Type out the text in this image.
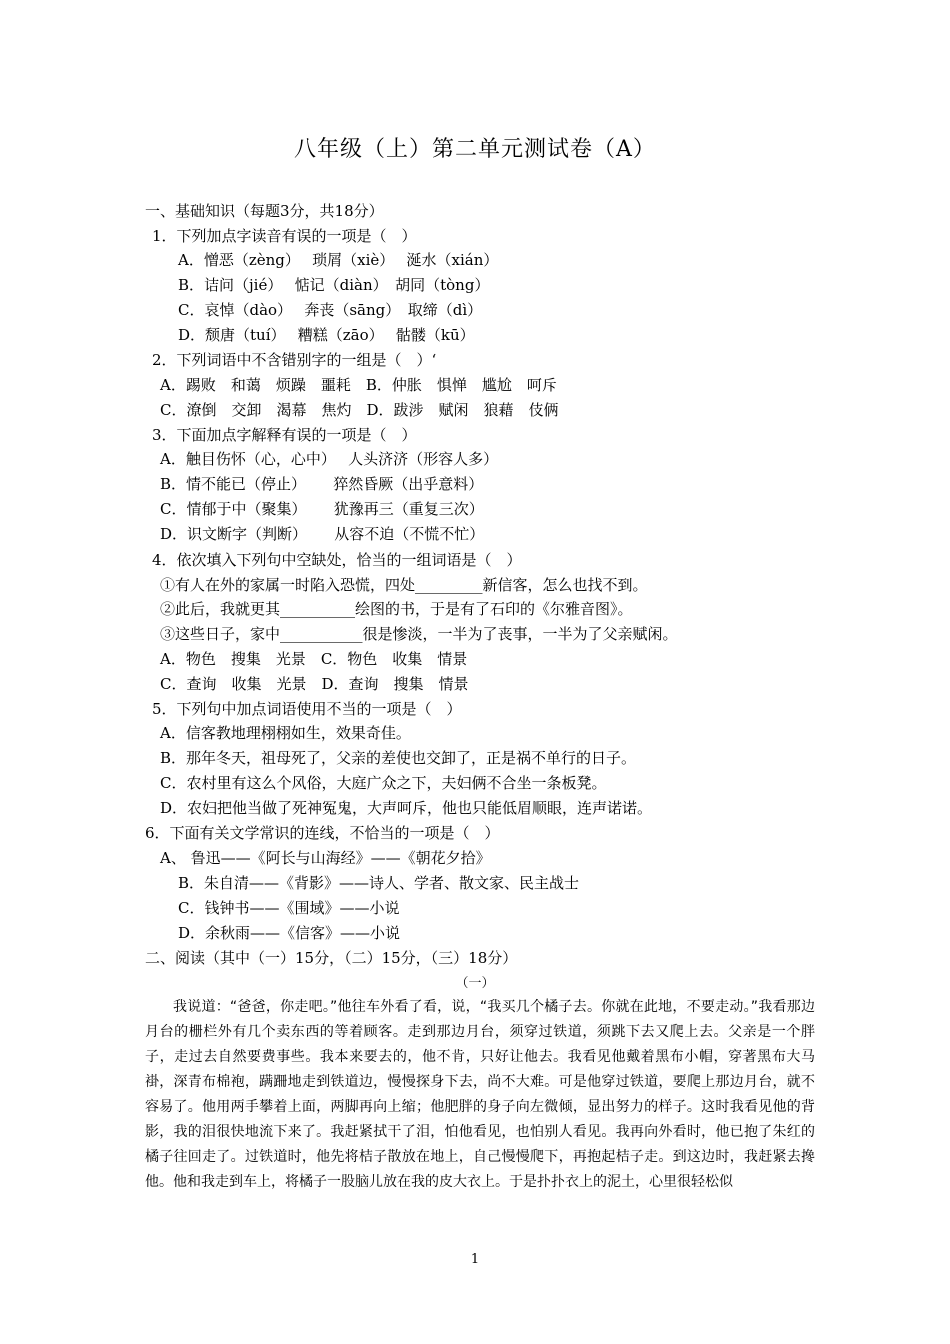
八年级（上）第二单元测试卷（A）
一、基础知识（每题3分，共18分）
1．下列加点字读音有误的一项是（　）
A．憎恶（zèng）　 琐屑（xiè）　 涎水（xián）
B．诘问（jié）　 惦记（diàn）　胡同（tòng）
C．哀悼（dào）　 奔丧（sāng）　取缔（dì）
D．颓唐（tuí）　 糟糕（zāo）　 骷髅（kū）
2．下列词语中不含错别字的一组是（　）‘
A．踢败　和蔼　烦躁　噩耗　B．仲胀　惧惮　尴尬　呵斥
C．潦倒　交卸　渴幕　焦灼　D．跋涉　赋闲　狼藉　伎俩
3．下面加点字解释有误的一项是（　）
A．触目伤怀（心，心中）　 人头济济（形容人多）
B．情不能已（停止）　　 猝然昏厥（出乎意料）
C．情郁于中（聚集）　　 犹豫再三（重复三次）
D．识文断字（判断）　　 从容不迫（不慌不忙）
4．依次填入下列句中空缺处，恰当的一组词语是（　）
①有人在外的家属一时陷入恐慌，四处_________新信客，怎么也找不到。
②此后，我就更其__________绘图的书，于是有了石印的《尔雅音图》。
③这些日子，家中___________很是惨淡，一半为了丧事，一半为了父亲赋闲。
A．物色　搜集　光景　C．物色　收集　情景
C．查询　收集　光景　D．查询　搜集　情景
5．下列句中加点词语使用不当的一项是（　）
A．信客教地理栩栩如生，效果奇佳。
B．那年冬天，祖母死了，父亲的差使也交卸了，正是祸不单行的日子。
C．农村里有这么个风俗，大庭广众之下，夫妇俩不合坐一条板凳。
D．农妇把他当做了死神冤鬼，大声呵斥，他也只能低眉顺眼，连声诺诺。
6．下面有关文学常识的连线，不恰当的一项是（　）
A、 鲁迅——《阿长与山海经》——《朝花夕拾》
B．朱自清——《背影》——诗人、学者、散文家、民主战士
C．钱钟书——《围域》——小说
D．余秋雨——《信客》——小说
二、阅读（其中（一）15分，（二）15分，（三）18分）
（一）

我说道：“爸爸，你走吧。”他往车外看了看，说，“我买几个橘子去。你就在此地，不要走动。”我看那边月台的栅栏外有几个卖东西的等着顾客。走到那边月台，须穿过铁道，须跳下去又爬上去。父亲是一个胖子，走过去自然要费事些。我本来要去的，他不肯，只好让他去。我看见他戴着黑布小帽，穿著黑布大马褂，深青布棉袍，蹒跚地走到铁道边，慢慢探身下去，尚不大难。可是他穿过铁道，要爬上那边月台，就不容易了。他用两手攀着上面，两脚再向上缩；他肥胖的身子向左微倾，显出努力的样子。这时我看见他的背影，我的泪很快地流下来了。我赶紧拭干了泪，怕他看见，也怕别人看见。我再向外看时，他已抱了朱红的橘子往回走了。过铁道时，他先将桔子散放在地上，自己慢慢爬下，再抱起桔子走。到这边时，我赶紧去搀他。他和我走到车上，将橘子一股脑儿放在我的皮大衣上。于是扑扑衣上的泥土，心里很轻松似

1
